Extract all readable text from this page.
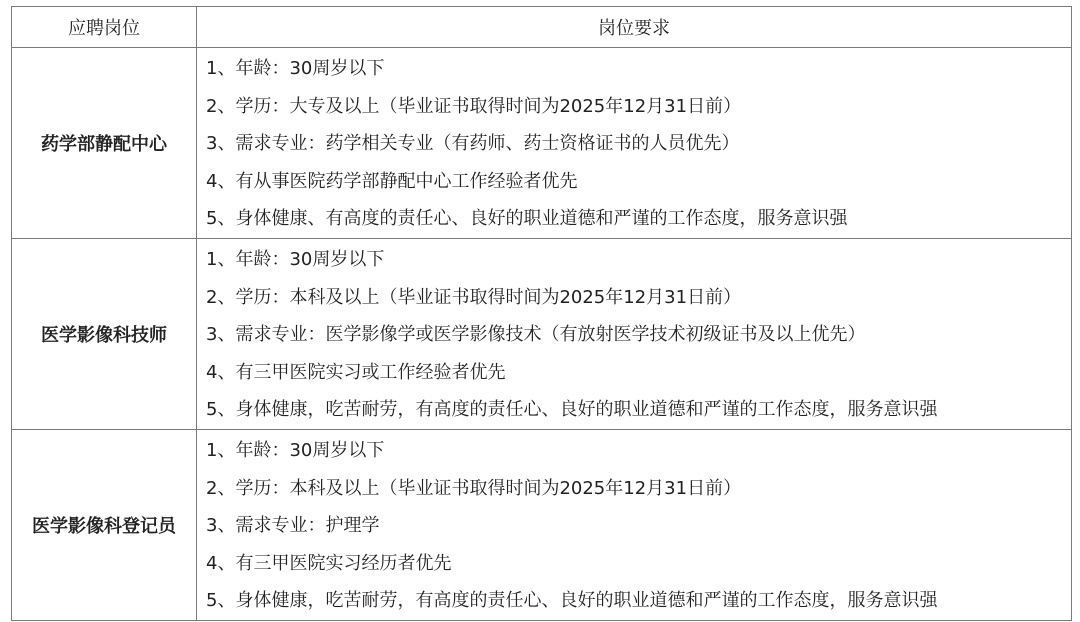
应聘岗位	岗位要求
药学部静配中心	1、年龄：30周岁以下
2、学历：大专及以上（毕业证书取得时间为2025年12月31日前）
3、需求专业：药学相关专业（有药师、药士资格证书的人员优先）
4、有从事医院药学部静配中心工作经验者优先
5、身体健康、有高度的责任心、良好的职业道德和严谨的工作态度，服务意识强

医学影像科技师	1、年龄：30周岁以下
2、学历：本科及以上（毕业证书取得时间为2025年12月31日前）
3、需求专业：医学影像学或医学影像技术（有放射医学技术初级证书及以上优先）
4、有三甲医院实习或工作经验者优先
5、身体健康，吃苦耐劳，有高度的责任心、良好的职业道德和严谨的工作态度，服务意识强

医学影像科登记员	1、年龄：30周岁以下
2、学历：本科及以上（毕业证书取得时间为2025年12月31日前）
3、需求专业：护理学
4、有三甲医院实习经历者优先
5、身体健康，吃苦耐劳，有高度的责任心、良好的职业道德和严谨的工作态度，服务意识强
